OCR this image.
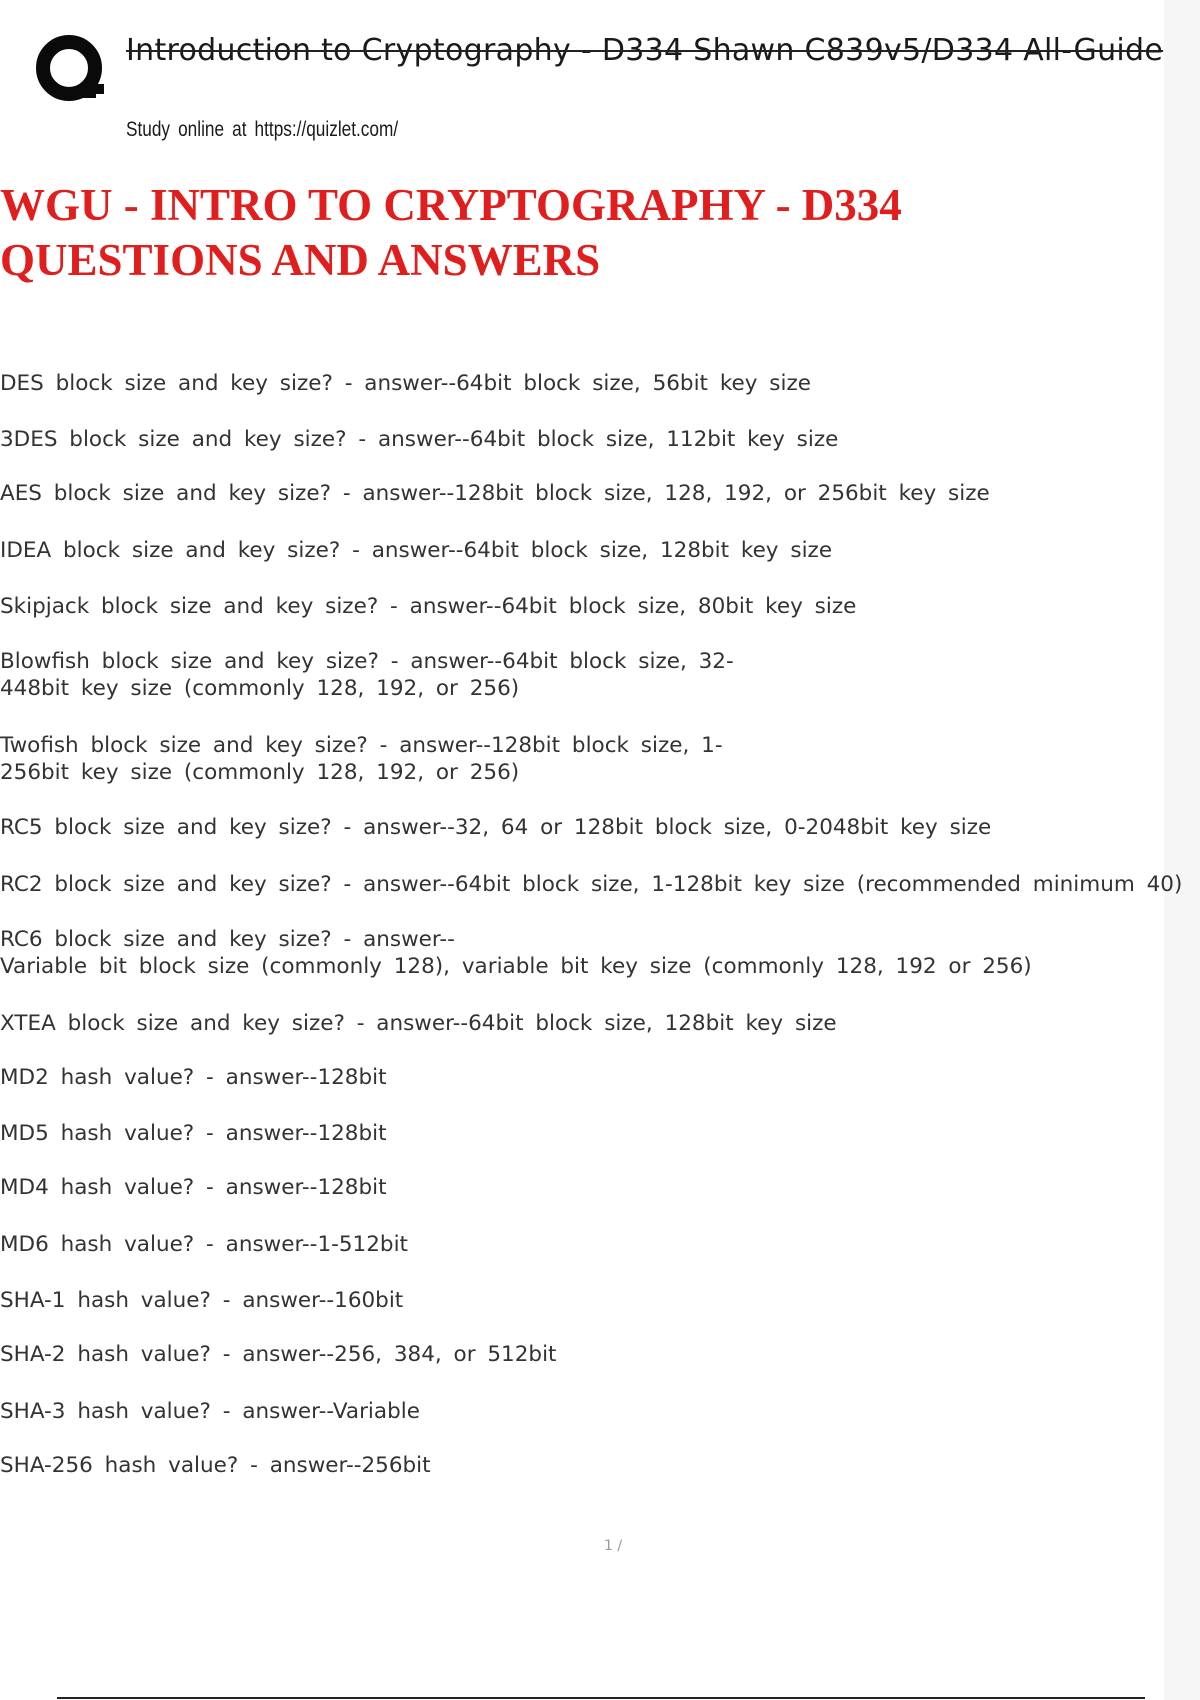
Introduction to Cryptography - D334 Shawn C839v5/D334 All-Guide
Study online at https://quizlet.com/
WGU - INTRO TO CRYPTOGRAPHY - D334
QUESTIONS AND ANSWERS
DES block size and key size? - answer--64bit block size, 56bit key size
3DES block size and key size? - answer--64bit block size, 112bit key size
AES block size and key size? - answer--128bit block size, 128, 192, or 256bit key size
IDEA block size and key size? - answer--64bit block size, 128bit key size
Skipjack block size and key size? - answer--64bit block size, 80bit key size
Blowfish block size and key size? - answer--64bit block size, 32-
448bit key size (commonly 128, 192, or 256)
Twofish block size and key size? - answer--128bit block size, 1-
256bit key size (commonly 128, 192, or 256)
RC5 block size and key size? - answer--32, 64 or 128bit block size, 0-2048bit key size
RC2 block size and key size? - answer--64bit block size, 1-128bit key size (recommended minimum 40)
RC6 block size and key size? - answer--
Variable bit block size (commonly 128), variable bit key size (commonly 128, 192 or 256)
XTEA block size and key size? - answer--64bit block size, 128bit key size
MD2 hash value? - answer--128bit
MD5 hash value? - answer--128bit
MD4 hash value? - answer--128bit
MD6 hash value? - answer--1-512bit
SHA-1 hash value? - answer--160bit
SHA-2 hash value? - answer--256, 384, or 512bit
SHA-3 hash value? - answer--Variable
SHA-256 hash value? - answer--256bit
1 /
